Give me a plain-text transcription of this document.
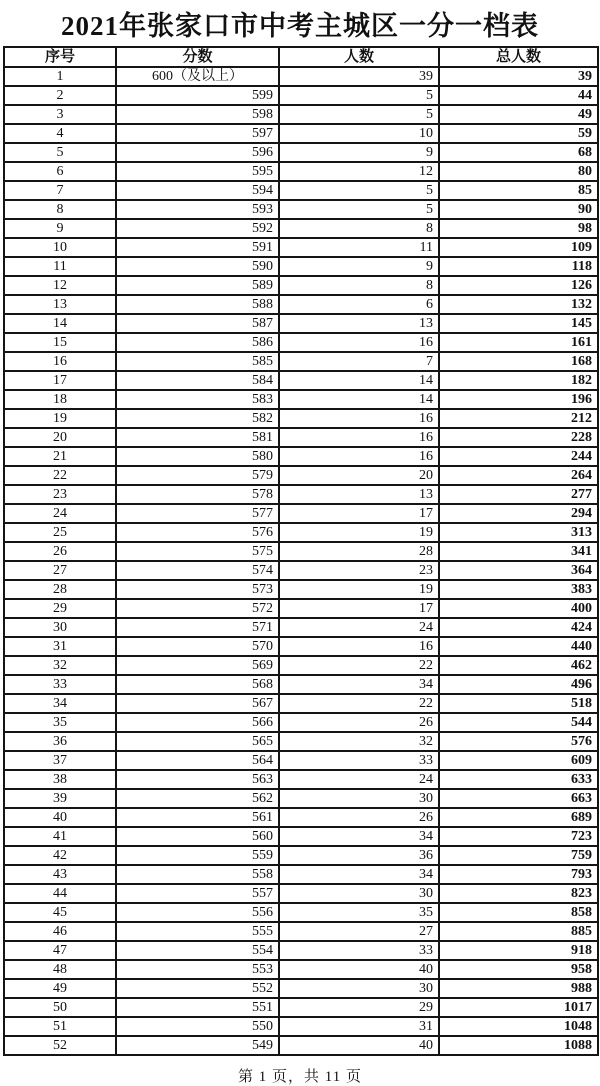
2021年张家口市中考主城区一分一档表
序号	分数	人数	总人数
1	600（及以上）	39	39
2	599	5	44
3	598	5	49
4	597	10	59
5	596	9	68
6	595	12	80
7	594	5	85
8	593	5	90
9	592	8	98
10	591	11	109
11	590	9	118
12	589	8	126
13	588	6	132
14	587	13	145
15	586	16	161
16	585	7	168
17	584	14	182
18	583	14	196
19	582	16	212
20	581	16	228
21	580	16	244
22	579	20	264
23	578	13	277
24	577	17	294
25	576	19	313
26	575	28	341
27	574	23	364
28	573	19	383
29	572	17	400
30	571	24	424
31	570	16	440
32	569	22	462
33	568	34	496
34	567	22	518
35	566	26	544
36	565	32	576
37	564	33	609
38	563	24	633
39	562	30	663
40	561	26	689
41	560	34	723
42	559	36	759
43	558	34	793
44	557	30	823
45	556	35	858
46	555	27	885
47	554	33	918
48	553	40	958
49	552	30	988
50	551	29	1017
51	550	31	1048
52	549	40	1088
第 1 页，共 11 页
